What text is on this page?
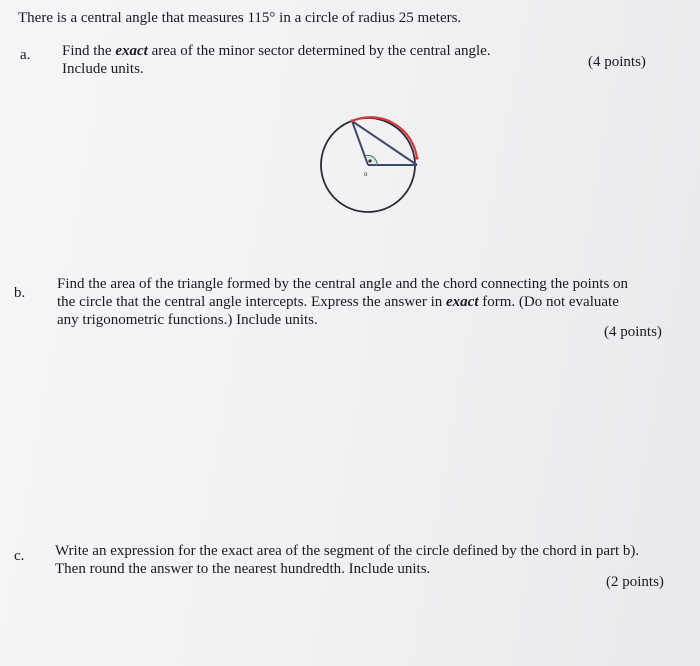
There is a central angle that measures 115° in a circle of radius 25 meters.
a. Find the exact area of the minor sector determined by the central angle.
Include units.	(4 points)
o
b.
Find the area of the triangle formed by the central angle and the chord connecting the points on
the circle that the central angle intercepts. Express the answer in exact form. (Do not evaluate
any trigonometric functions.) Include units.
(4 points)
c. Write an expression for the exact area of the segment of the circle defined by the chord in part b).
Then round the answer to the nearest hundredth. Include units.
(2 points)
